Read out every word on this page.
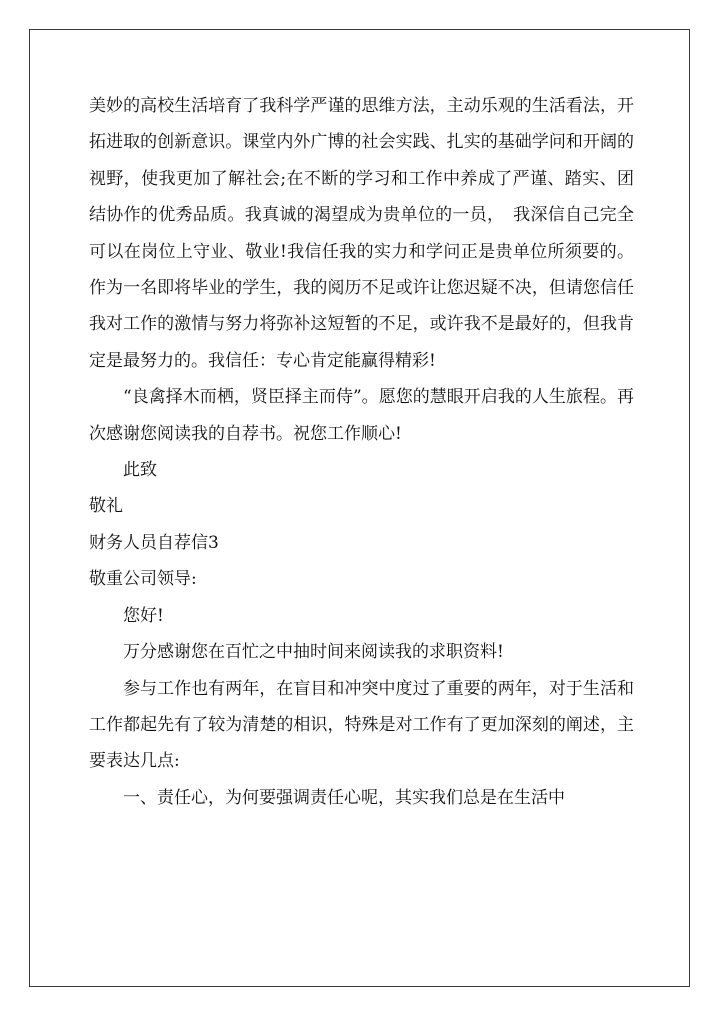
美妙的高校生活培育了我科学严谨的思维方法，主动乐观的生活看法，开拓进取的创新意识。课堂内外广博的社会实践、扎实的基础学问和开阔的视野，使我更加了解社会;在不断的学习和工作中养成了严谨、踏实、团结协作的优秀品质。我真诚的渴望成为贵单位的一员，　我深信自己完全可以在岗位上守业、敬业!我信任我的实力和学问正是贵单位所须要的。作为一名即将毕业的学生，我的阅历不足或许让您迟疑不决，但请您信任我对工作的激情与努力将弥补这短暂的不足，或许我不是最好的，但我肯定是最努力的。我信任：专心肯定能赢得精彩!

“良禽择木而栖，贤臣择主而侍”。愿您的慧眼开启我的人生旅程。再次感谢您阅读我的自荐书。祝您工作顺心!

此致

敬礼

财务人员自荐信3

敬重公司领导:

您好!

万分感谢您在百忙之中抽时间来阅读我的求职资料!

参与工作也有两年，在盲目和冲突中度过了重要的两年，对于生活和工作都起先有了较为清楚的相识，特殊是对工作有了更加深刻的阐述，主要表达几点:

一、责任心，为何要强调责任心呢，其实我们总是在生活中
